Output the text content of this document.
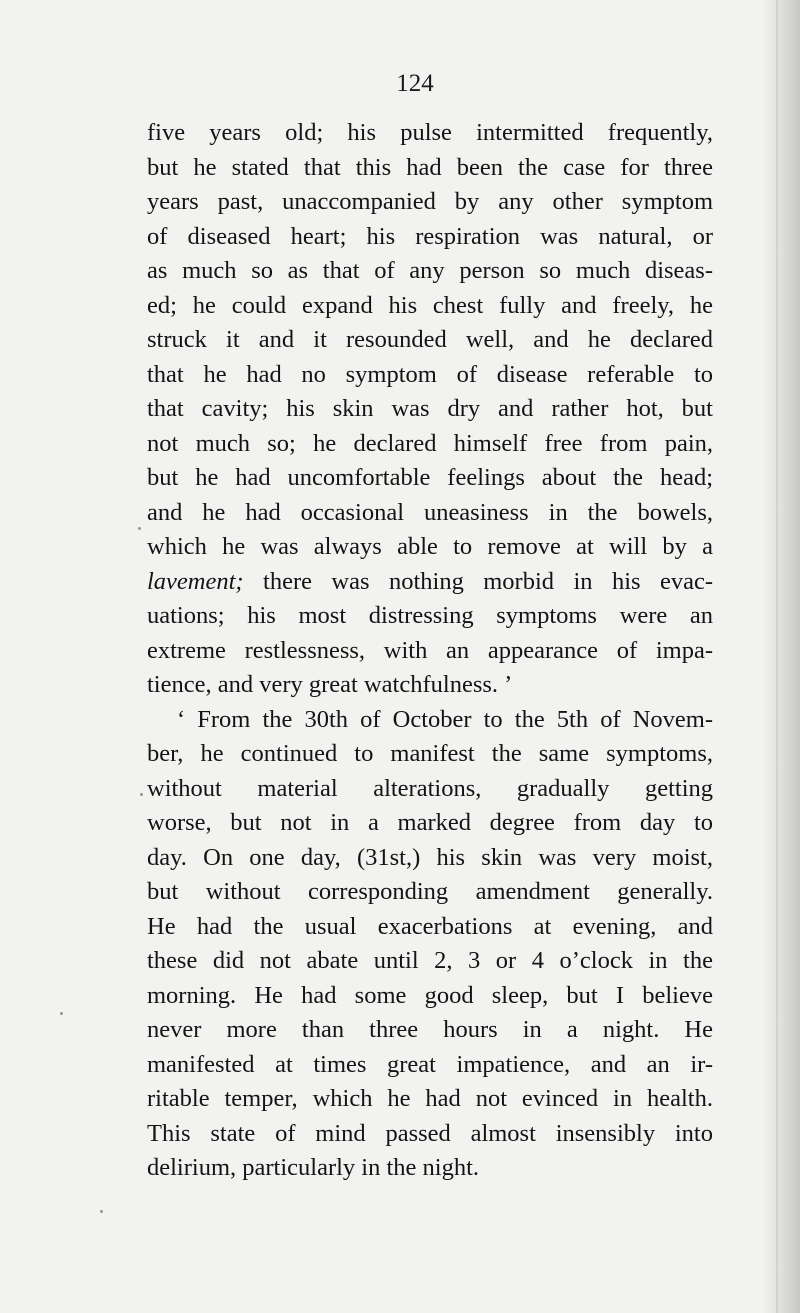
124
five years old; his pulse intermitted frequently,
but he stated that this had been the case for three
years past, unaccompanied by any other symptom
of diseased heart; his respiration was natural, or
as much so as that of any person so much diseas-
ed; he could expand his chest fully and freely, he
struck it and it resounded well, and he declared
that he had no symptom of disease referable to
that cavity; his skin was dry and rather hot, but
not much so; he declared himself free from pain,
but he had uncomfortable feelings about the head;
and he had occasional uneasiness in the bowels,
which he was always able to remove at will by a
lavement; there was nothing morbid in his evac-
uations; his most distressing symptoms were an
extreme restlessness, with an appearance of impa-
tience, and very great watchfulness. ’
‘ From the 30th of October to the 5th of Novem-
ber, he continued to manifest the same symptoms,
without material alterations, gradually getting
worse, but not in a marked degree from day to
day. On one day, (31st,) his skin was very moist,
but without corresponding amendment generally.
He had the usual exacerbations at evening, and
these did not abate until 2, 3 or 4 o’clock in the
morning. He had some good sleep, but I believe
never more than three hours in a night. He
manifested at times great impatience, and an ir-
ritable temper, which he had not evinced in health.
This state of mind passed almost insensibly into
delirium, particularly in the night.
